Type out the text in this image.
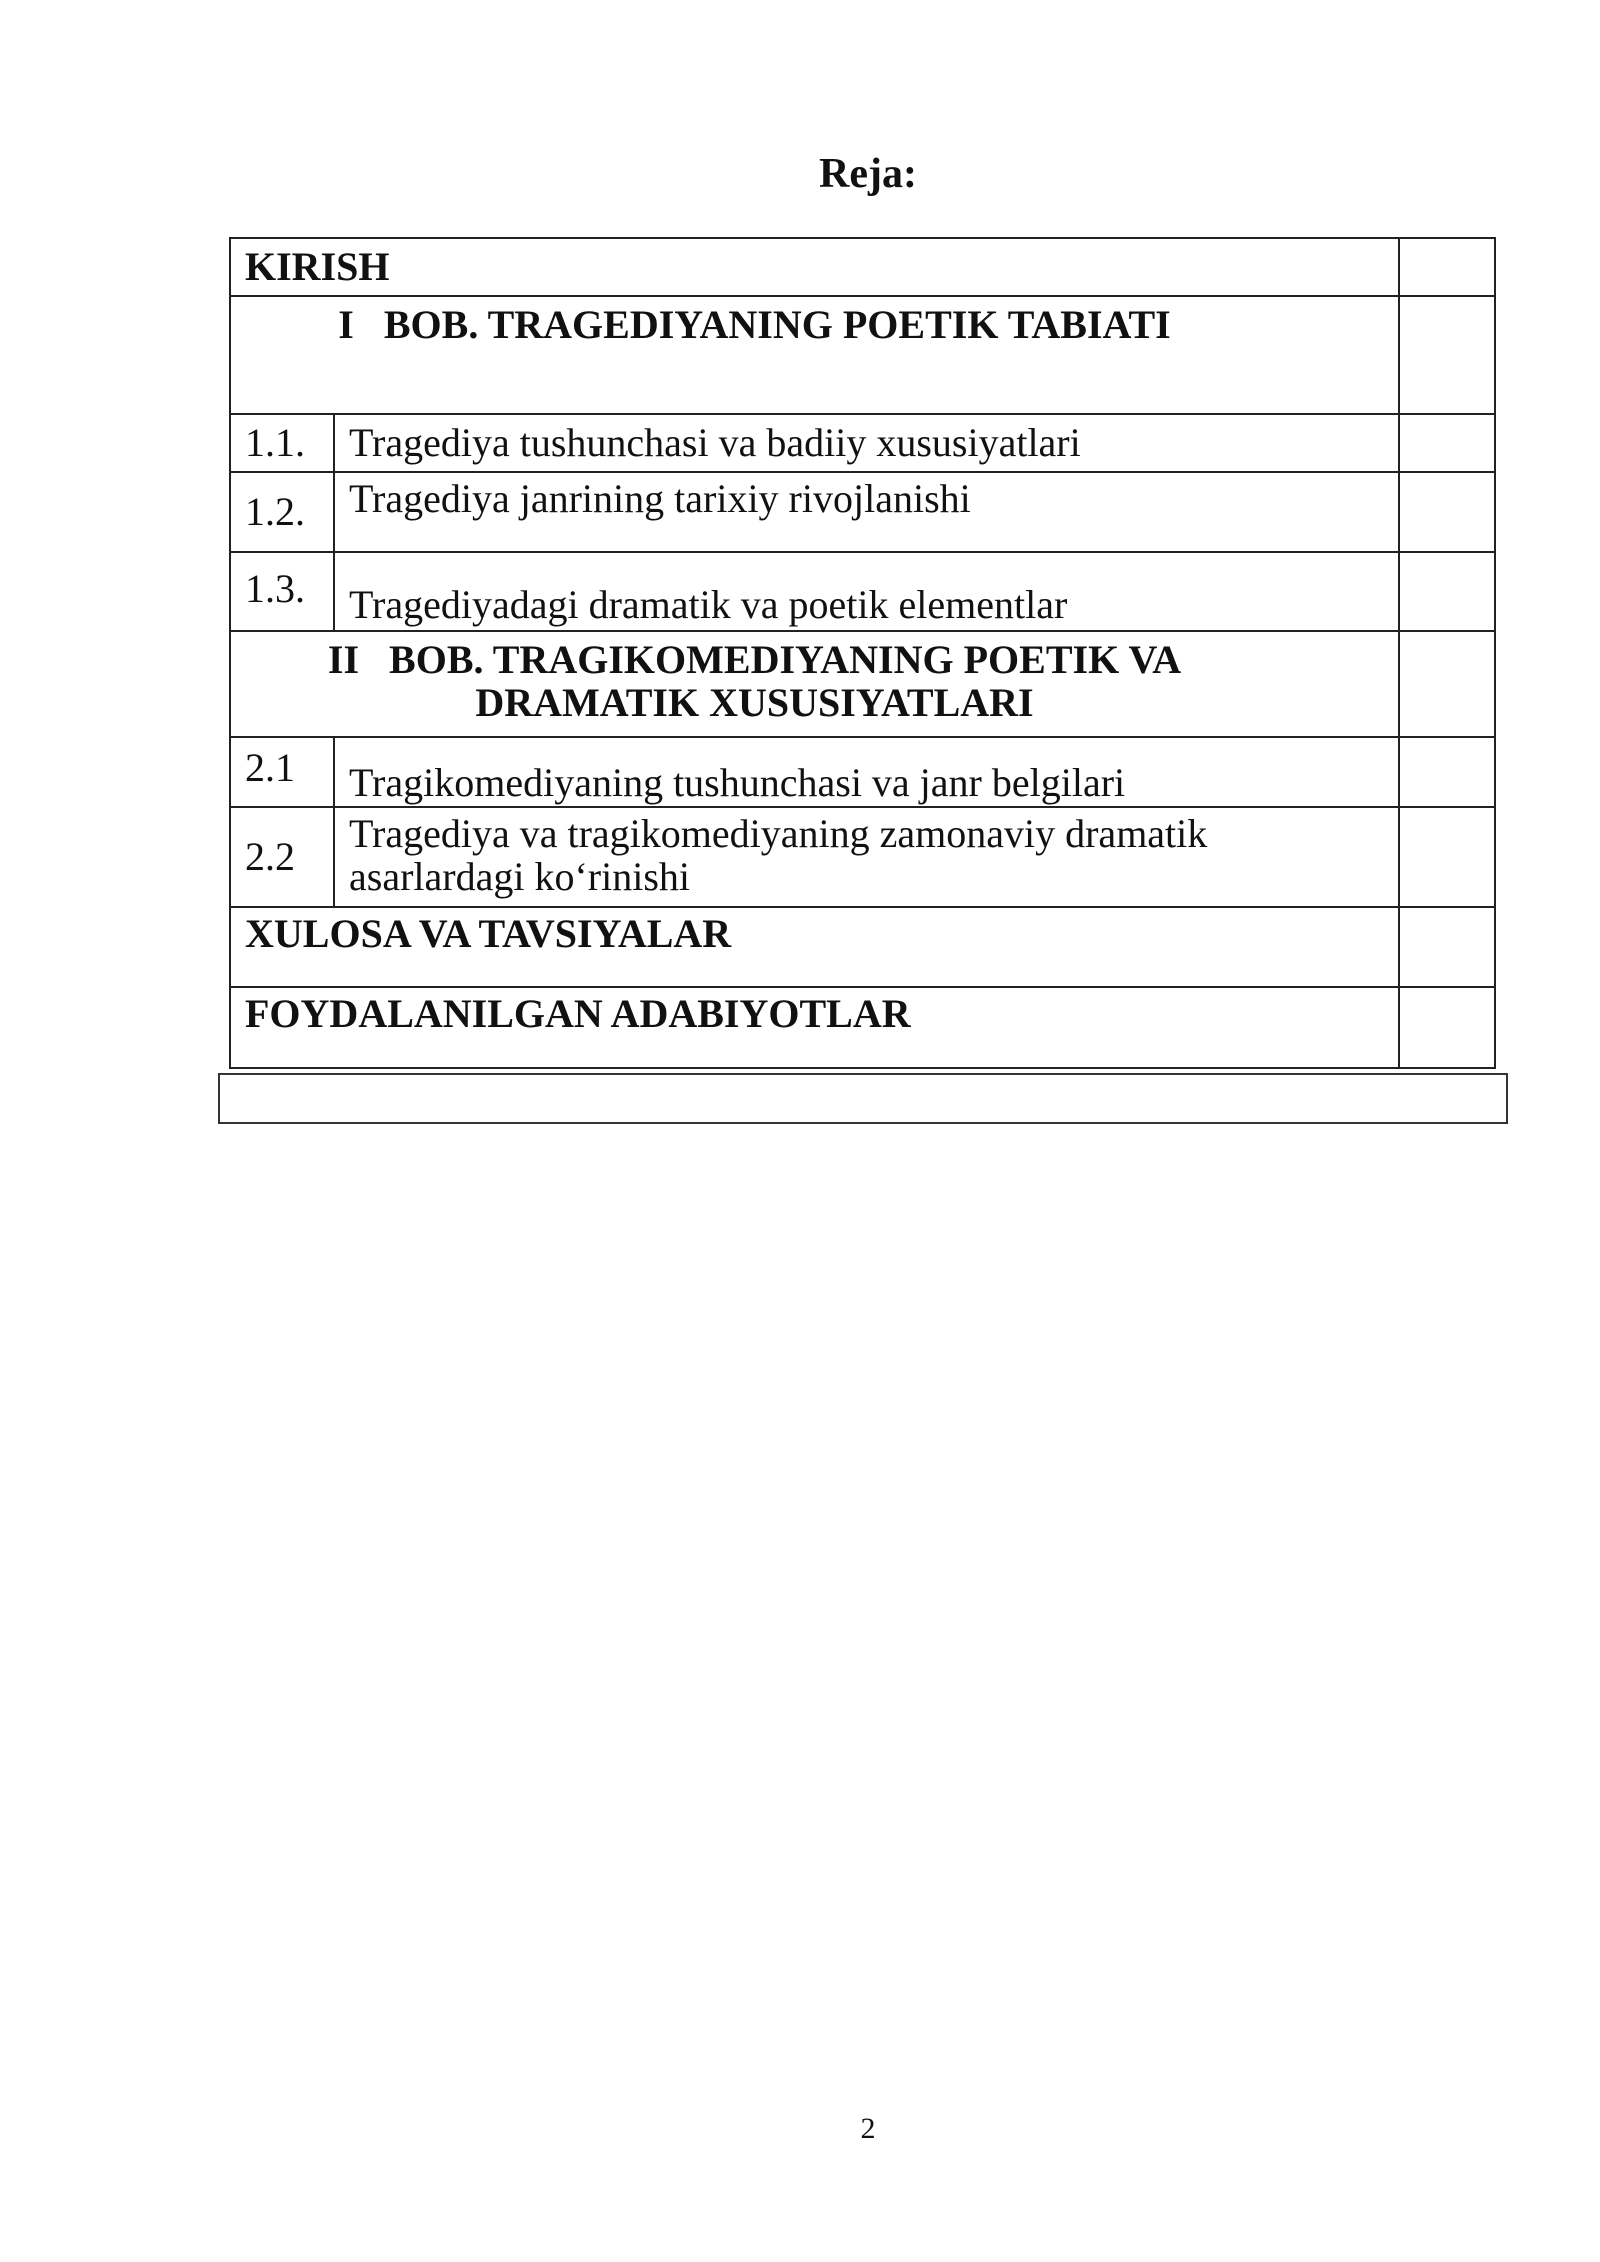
Reja:
KIRISH		

I BOB. TRAGEDIYANING POETIK TABIATI		

1.1.	Tragediya tushunchasi va badiiy xususiyatlari	
1.2.	Tragediya janrining tarixiy rivojlanishi	
1.3.	Tragediyadagi dramatik va poetik elementlar	

II BOB. TRAGIKOMEDIYANING POETIK VA
DRAMATIK XUSUSIYATLARI		

2.1	Tragikomediyaning tushunchasi va janr belgilari	
2.2	Tragediya va tragikomediyaning zamonaviy dramatik
asarlardagi ko‘rinishi	

XULOSA VA TAVSIYALAR		
FOYDALANILGAN ADABIYOTLAR		
2
